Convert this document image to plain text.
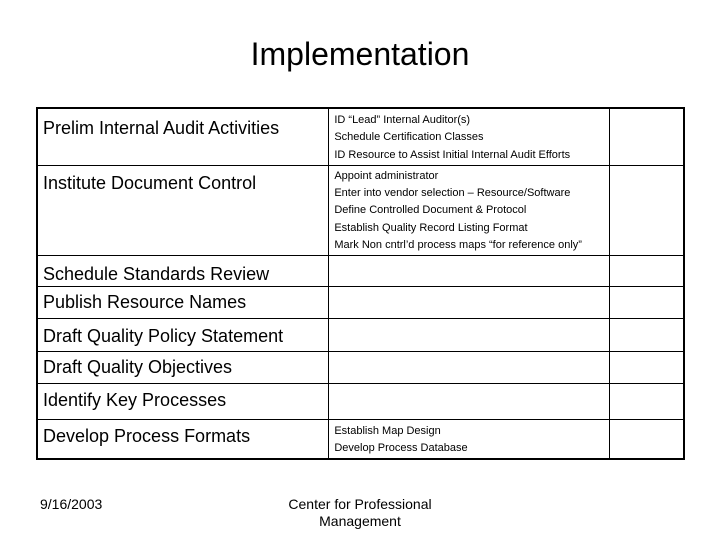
Implementation
Prelim Internal Audit Activities	ID “Lead” Internal Auditor(s)
Schedule Certification Classes
ID Resource to Assist Initial Internal Audit Efforts	

Institute Document Control	Appoint administrator
Enter into vendor selection – Resource/Software
Define Controlled Document & Protocol
Establish Quality Record Listing Format
Mark Non cntrl’d process maps “for reference only”	

Schedule Standards Review		

Publish Resource Names		

Draft Quality Policy Statement		

Draft Quality Objectives		

Identify Key Processes		

Develop Process Formats	Establish Map Design
Develop Process Database	

9/16/2003	Center for Professional
Management
